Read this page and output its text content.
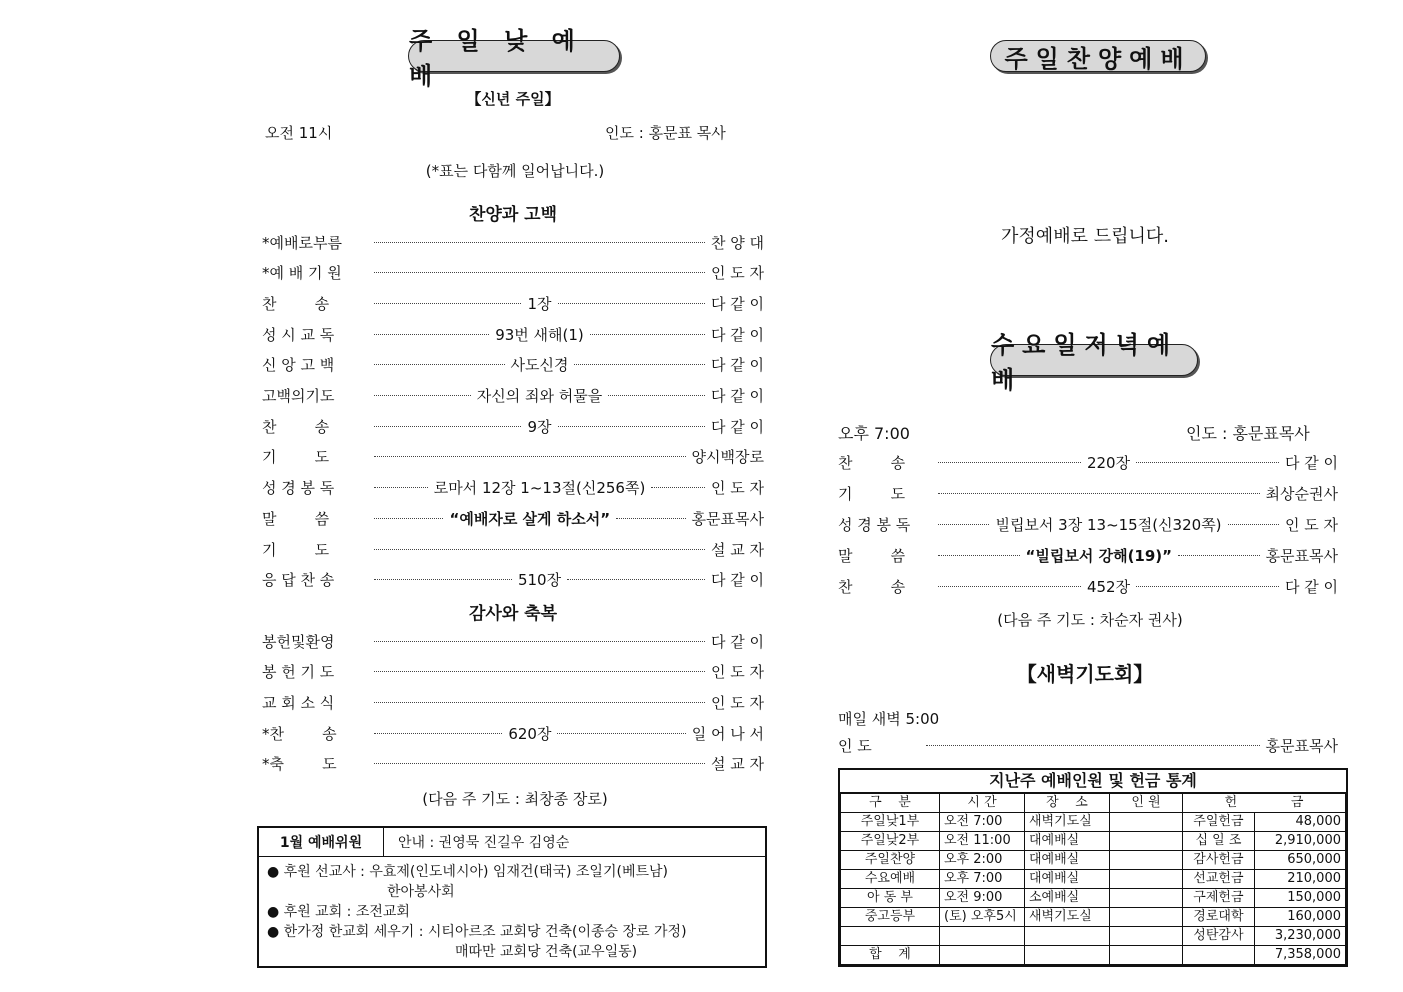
주 일 낮 예 배
【신년 주일】
오전 11시	인도 : 홍문표 목사
(*표는 다함께 일어납니다.)
찬양과 고백
*예배로부름	찬 양 대
*예 배 기 원	인 도 자
찬        송	1장	다 같 이
성 시 교 독	93번 새해(1)	다 같 이
신 앙 고 백	사도신경	다 같 이
고백의기도	자신의 죄와 허물을	다 같 이
찬        송	9장	다 같 이
기        도	양시백장로
성 경 봉 독	로마서 12장 1~13절(신256쪽)	인 도 자
말        씀	“예배자로 살게 하소서”	홍문표목사
기        도	설 교 자
응 답 찬 송	510장	다 같 이
감사와 축복
봉헌및환영	다 같 이
봉 헌 기 도	인 도 자
교 회 소 식	인 도 자
*찬        송	620장	일 어 나 서
*축        도	설 교 자
(다음 주 기도 : 최창종 장로)
1월 예배위원	안내 : 권영묵 진길우 김영순
● 후원 선교사 : 우효제(인도네시아) 임재건(태국) 조일기(베트남)
한아봉사회
● 후원 교회 : 조전교회
● 한가정 한교회 세우기 : 시티아르조 교회당 건축(이종승 장로 가정)
매따만 교회당 건축(교우일동)
주일찬양예배
가정예배로 드립니다.
수요일저녁예배
오후 7:00	인도 : 홍문표목사
찬        송	220장	다 같 이
기        도	최상순권사
성 경 봉 독	빌립보서 3장 13~15절(신320쪽)	인 도 자
말        씀	“빌립보서 강해(19)”	홍문표목사
찬        송	452장	다 같 이
(다음 주 기도 : 차순자 권사)
【새벽기도회】
매일 새벽 5:00
인 도	홍문표목사
지난주 예배인원 및 헌금 통계
구    분	시 간	장    소	인 원	헌             금	
주일낮1부	오전 7:00	새벽기도실		주일헌금	48,000
주일낮2부	오전 11:00	대예배실		십 일 조	2,910,000
주일찬양	오후 2:00	대예배실		감사헌금	650,000
수요예배	오후 7:00	대예배실		선교헌금	210,000
아 동 부	오전 9:00	소예배실		구제헌금	150,000
중고등부	(토) 오후5시	새벽기도실		경로대학	160,000
				성탄감사	3,230,000
합    계					7,358,000
